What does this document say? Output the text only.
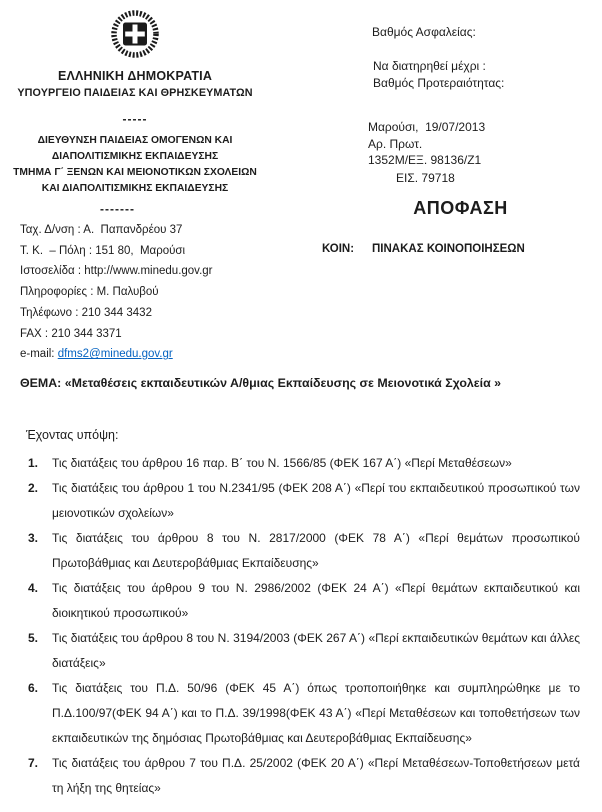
ΕΛΛΗΝΙΚΗ ΔΗΜΟΚΡΑΤΙΑ
ΥΠΟΥΡΓΕΙΟ ΠΑΙΔΕΙΑΣ ΚΑΙ ΘΡΗΣΚΕΥΜΑΤΩΝ
-----
ΔΙΕΥΘΥΝΣΗ ΠΑΙΔΕΙΑΣ ΟΜΟΓΕΝΩΝ ΚΑΙ
ΔΙΑΠΟΛΙΤΙΣΜΙΚΗΣ ΕΚΠΑΙΔΕΥΣΗΣ
ΤΜΗΜΑ Γ΄ ΞΕΝΩΝ ΚΑΙ ΜΕΙΟΝΟΤΙΚΩΝ ΣΧΟΛΕΙΩΝ
ΚΑΙ ΔΙΑΠΟΛΙΤΙΣΜΙΚΗΣ ΕΚΠΑΙΔΕΥΣΗΣ
Βαθμός Ασφαλείας:
Να διατηρηθεί μέχρι :
Βαθμός Προτεραιότητας:
Μαρούσι,  19/07/2013
Αρ. Πρωτ.
1352Μ/ΕΞ. 98136/Ζ1
ΕΙΣ. 79718
-------
Ταχ. Δ/νση : Α.  Παπανδρέου 37
Τ. Κ.  – Πόλη : 151 80,  Μαρούσι
Ιστοσελίδα : http://www.minedu.gov.gr
Πληροφορίες : Μ. Παλυβού
Τηλέφωνο : 210 344 3432
FAX : 210 344 3371
e-mail: dfms2@minedu.gov.gr
ΑΠΟΦΑΣΗ
ΚΟΙΝ: ΠΙΝΑΚΑΣ ΚΟΙΝΟΠΟΙΗΣΕΩΝ
ΘΕΜΑ: «Μεταθέσεις εκπαιδευτικών Α/θμιας Εκπαίδευσης σε Μειονοτικά Σχολεία »
Έχοντας υπόψη:
1.	Τις διατάξεις του άρθρου 16 παρ. Β΄ του Ν. 1566/85 (ΦΕΚ 167 Α΄) «Περί Μεταθέσεων»
2.	Τις διατάξεις του άρθρου 1 του Ν.2341/95 (ΦΕΚ 208 Α΄) «Περί του εκπαιδευτικού προσωπικού των μειονοτικών σχολείων»
3.	Τις διατάξεις του άρθρου 8 του Ν. 2817/2000 (ΦΕΚ 78 Α΄) «Περί θεμάτων προσωπικού Πρωτοβάθμιας και Δευτεροβάθμιας Εκπαίδευσης»
4.	Τις διατάξεις του άρθρου 9 του Ν. 2986/2002 (ΦΕΚ 24 Α΄) «Περί θεμάτων εκπαιδευτικού και διοικητικού προσωπικού»
5.	Τις διατάξεις του άρθρου 8 του Ν. 3194/2003 (ΦΕΚ 267 Α΄) «Περί εκπαιδευτικών θεμάτων και άλλες διατάξεις»
6.	Τις διατάξεις του Π.Δ. 50/96 (ΦΕΚ 45 Α΄) όπως τροποποιήθηκε και συμπληρώθηκε με το Π.Δ.100/97(ΦΕΚ 94 Α΄) και το Π.Δ. 39/1998(ΦΕΚ 43 Α΄) «Περί Μεταθέσεων και τοποθετήσεων των εκπαιδευτικών της δημόσιας Πρωτοβάθμιας και Δευτεροβάθμιας Εκπαίδευσης»
7.	Τις διατάξεις του άρθρου 7 του Π.Δ. 25/2002 (ΦΕΚ 20 Α΄) «Περί Μεταθέσεων-Τοποθετήσεων μετά τη λήξη της θητείας»
